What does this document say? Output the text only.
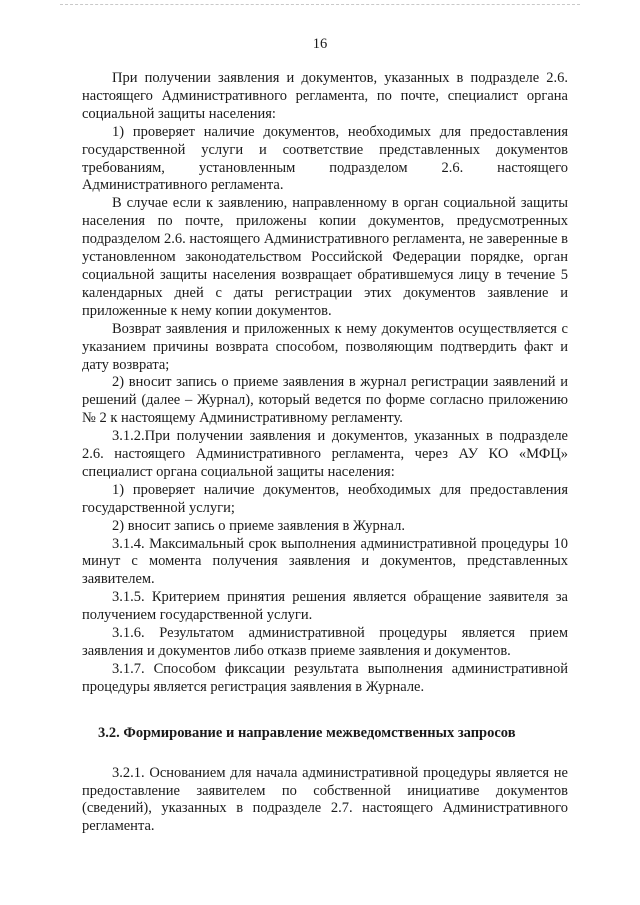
16

При получении заявления и документов, указанных в подразделе 2.6. настоящего Административного регламента, по почте, специалист органа социальной защиты населения:

1) проверяет наличие документов, необходимых для предоставления государственной услуги и соответствие представленных документов требованиям, установленным подразделом 2.6. настоящего Административного регламента.

В случае если к заявлению, направленному в орган социальной защиты населения по почте, приложены копии документов, предусмотренных подразделом 2.6. настоящего Административного регламента, не заверенные в установленном законодательством Российской Федерации порядке, орган социальной защиты населения возвращает обратившемуся лицу в течение 5 календарных дней с даты регистрации этих документов заявление и приложенные к нему копии документов.

Возврат заявления и приложенных к нему документов осуществляется с указанием причины возврата способом, позволяющим подтвердить факт и дату возврата;

2) вносит запись о приеме заявления в журнал регистрации заявлений и решений (далее – Журнал), который ведется по форме согласно приложению № 2 к настоящему Административному регламенту.

3.1.2.При получении заявления и документов, указанных в подразделе 2.6. настоящего Административного регламента, через АУ КО «МФЦ» специалист органа социальной защиты населения:

1) проверяет наличие документов, необходимых для предоставления государственной услуги;

2) вносит запись о приеме заявления в Журнал.

3.1.4. Максимальный срок выполнения административной процедуры 10 минут с момента получения заявления и документов, представленных заявителем.

3.1.5. Критерием принятия решения является обращение заявителя за получением государственной услуги.

3.1.6. Результатом административной процедуры является прием заявления и документов либо отказв приеме заявления и документов.

3.1.7. Способом фиксации результата выполнения административной процедуры является регистрация заявления в Журнале.

3.2. Формирование и направление межведомственных запросов

3.2.1. Основанием для начала административной процедуры является не предоставление заявителем по собственной инициативе документов (сведений), указанных в подразделе 2.7. настоящего Административного регламента.
